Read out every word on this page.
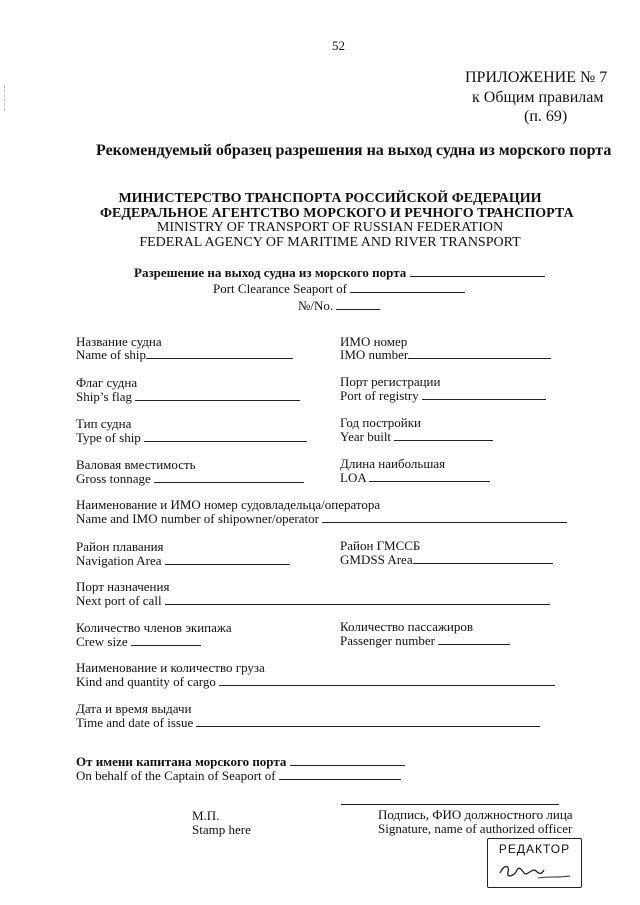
52
ПРИЛОЖЕНИЕ № 7
к Общим правилам
(п. 69)
Рекомендуемый образец разрешения на выход судна из морского порта
МИНИСТЕРСТВО ТРАНСПОРТА РОССИЙСКОЙ ФЕДЕРАЦИИ
ФЕДЕРАЛЬНОЕ АГЕНТСТВО МОРСКОГО И РЕЧНОГО ТРАНСПОРТА
MINISTRY OF TRANSPORT OF RUSSIAN FEDERATION
FEDERAL AGENCY OF MARITIME AND RIVER TRANSPORT
Разрешение на выход судна из морского порта
Port Clearance Seaport of
№/No.
Название судна
Name of ship
ИМО номер
IMO number
Флаг судна
Ship’s flag
Порт регистрации
Port of registry
Тип судна
Type of ship
Год постройки
Year built
Валовая вместимость
Gross tonnage
Длина наибольшая
LOA
Наименование и ИМО номер судовладельца/оператора
Name and IMO number of shipowner/operator
Район плавания
Navigation Area
Район ГМССБ
GMDSS Area
Порт назначения
Next port of call
Количество членов экипажа
Crew size
Количество пассажиров
Passenger number
Наименование и количество груза
Kind and quantity of cargo
Дата и время выдачи
Time and date of issue
От имени капитана морского порта
On behalf of the Captain of Seaport of
М.П.
Stamp here
Подпись, ФИО должностного лица
Signature, name of authorized officer
РЕДАКТОР
